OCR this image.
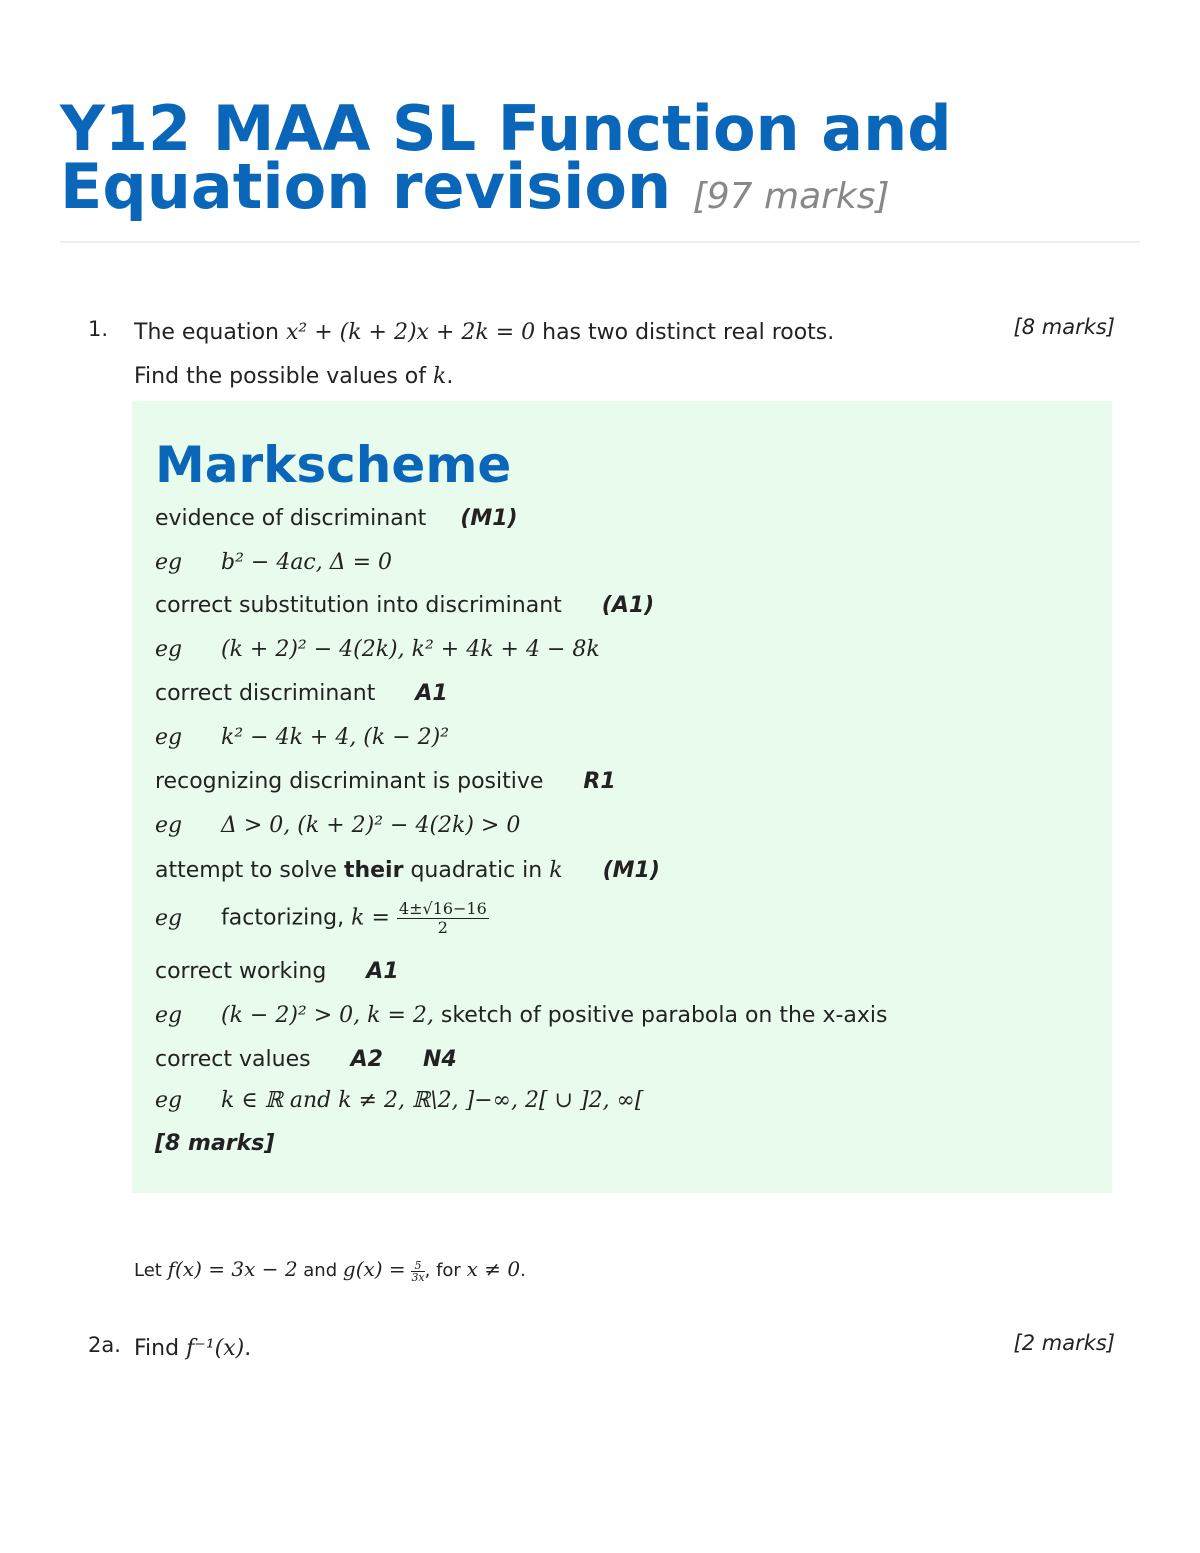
Y12 MAA SL Function and Equation revision [97 marks]
1. The equation x² + (k + 2)x + 2k = 0 has two distinct real roots.	[8 marks]
Find the possible values of k.
Markscheme
evidence of discriminant (M1)
eg b² − 4ac, Δ = 0
correct substitution into discriminant (A1)
eg (k + 2)² − 4(2k), k² + 4k + 4 − 8k
correct discriminant A1
eg k² − 4k + 4, (k − 2)²
recognizing discriminant is positive R1
eg Δ > 0, (k + 2)² − 4(2k) > 0
attempt to solve their quadratic in k (M1)
eg factorizing, $k = \frac{4\pm√16-16}{2}$
correct working A1
eg (k − 2)² > 0, k = 2, sketch of positive parabola on the x-axis
correct values A2 N4
eg k ∈ ℝ and k ≠ 2, ℝ\2, ]−∞, 2[ ∪ ]2, ∞[
[8 marks]
Let f(x) = 3x − 2 and $g(x) = \frac{5}{3x}$, for x ≠ 0.
2a. Find f⁻¹(x).	[2 marks]
